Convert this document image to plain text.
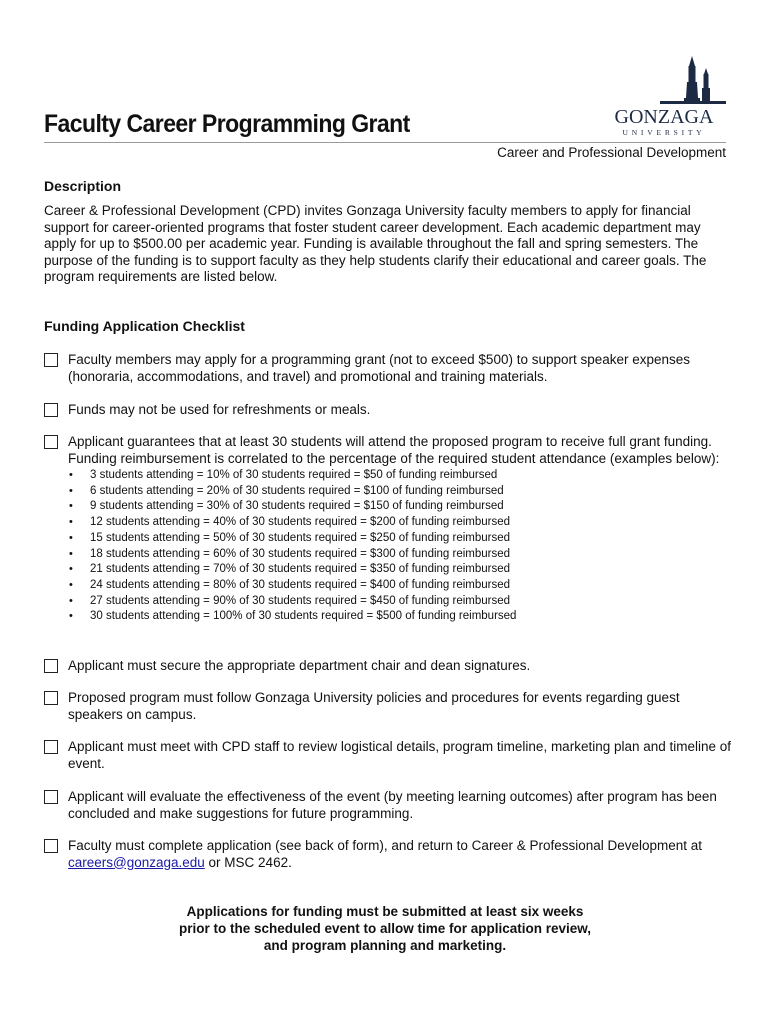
Faculty Career Programming Grant	GONZAGA
UNIVERSITY
Career and Professional Development
Description
Career & Professional Development (CPD) invites Gonzaga University faculty members to apply for financial support for career-oriented programs that foster student career development. Each academic department may apply for up to $500.00 per academic year. Funding is available throughout the fall and spring semesters. The purpose of the funding is to support faculty as they help students clarify their educational and career goals. The program requirements are listed below.
Funding Application Checklist
Faculty members may apply for a programming grant (not to exceed $500) to support speaker expenses (honoraria, accommodations, and travel) and promotional and training materials.
Funds may not be used for refreshments or meals.
Applicant guarantees that at least 30 students will attend the proposed program to receive full grant funding. Funding reimbursement is correlated to the percentage of the required student attendance (examples below):
• 3 students attending = 10% of 30 students required = $50 of funding reimbursed
• 6 students attending = 20% of 30 students required = $100 of funding reimbursed
• 9 students attending = 30% of 30 students required = $150 of funding reimbursed
• 12 students attending = 40% of 30 students required = $200 of funding reimbursed
• 15 students attending = 50% of 30 students required = $250 of funding reimbursed
• 18 students attending = 60% of 30 students required = $300 of funding reimbursed
• 21 students attending = 70% of 30 students required = $350 of funding reimbursed
• 24 students attending = 80% of 30 students required = $400 of funding reimbursed
• 27 students attending = 90% of 30 students required = $450 of funding reimbursed
• 30 students attending = 100% of 30 students required = $500 of funding reimbursed
Applicant must secure the appropriate department chair and dean signatures.
Proposed program must follow Gonzaga University policies and procedures for events regarding guest speakers on campus.
Applicant must meet with CPD staff to review logistical details, program timeline, marketing plan and timeline of event.
Applicant will evaluate the effectiveness of the event (by meeting learning outcomes) after program has been concluded and make suggestions for future programming.
Faculty must complete application (see back of form), and return to Career & Professional Development at careers@gonzaga.edu or MSC 2462.
Applications for funding must be submitted at least six weeks
prior to the scheduled event to allow time for application review,
and program planning and marketing.
